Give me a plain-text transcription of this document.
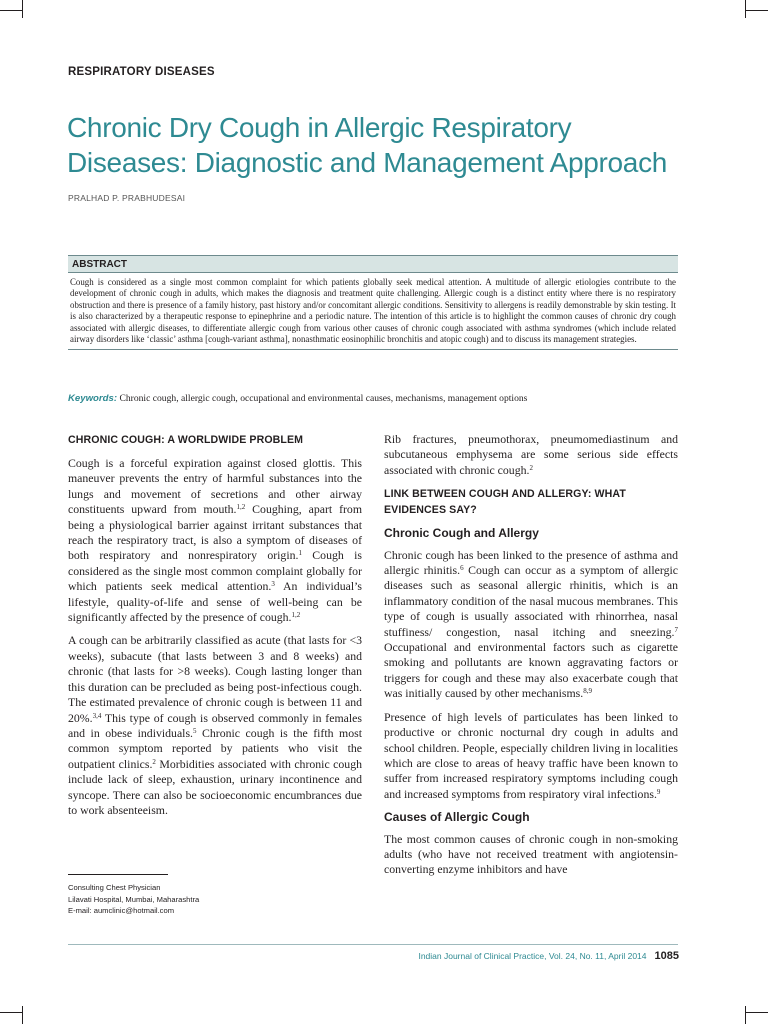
RESPIRATORY DISEASES
Chronic Dry Cough in Allergic Respiratory
Diseases: Diagnostic and Management Approach
PRALHAD P. PRABHUDESAI
ABSTRACT
Cough is considered as a single most common complaint for which patients globally seek medical attention. A multitude of allergic etiologies contribute to the development of chronic cough in adults, which makes the diagnosis and treatment quite challenging. Allergic cough is a distinct entity where there is no respiratory obstruction and there is presence of a family history, past history and/or concomitant allergic conditions. Sensitivity to allergens is readily demonstrable by skin testing. It is also characterized by a therapeutic response to epinephrine and a periodic nature. The intention of this article is to highlight the common causes of chronic dry cough associated with allergic diseases, to differentiate allergic cough from various other causes of chronic cough associated with asthma syndromes (which include related airway disorders like ‘classic’ asthma [cough-variant asthma], nonasthmatic eosinophilic bronchitis and atopic cough) and to discuss its management strategies.
Keywords: Chronic cough, allergic cough, occupational and environmental causes, mechanisms, management options
CHRONIC COUGH: A WORLDWIDE PROBLEM

Cough is a forceful expiration against closed glottis. This maneuver prevents the entry of harmful substances into the lungs and movement of secretions and other airway constituents upward from mouth.$^{1,2}$ Coughing, apart from being a physiological barrier against irritant substances that reach the respiratory tract, is also a symptom of diseases of both respiratory and nonrespiratory origin.$^1$ Cough is considered as the single most common complaint globally for which patients seek medical attention.$^3$ An individual’s lifestyle, quality-of-life and sense of well-being can be significantly affected by the presence of cough.$^{1,2}$

A cough can be arbitrarily classified as acute (that lasts for <3 weeks), subacute (that lasts between 3 and 8 weeks) and chronic (that lasts for >8 weeks). Cough lasting longer than this duration can be precluded as being post-infectious cough. The estimated prevalence of chronic cough is between 11 and 20%.$^{3,4}$ This type of cough is observed commonly in females and in obese individuals.$^5$ Chronic cough is the fifth most common symptom reported by patients who visit the outpatient clinics.$^2$ Morbidities associated with chronic cough include lack of sleep, exhaustion, urinary incontinence and syncope. There can also be socioeconomic encumbrances due to work absenteeism.

Rib fractures, pneumothorax, pneumomediastinum and subcutaneous emphysema are some serious side effects associated with chronic cough.$^2$

LINK BETWEEN COUGH AND ALLERGY: WHAT EVIDENCES SAY?
Chronic Cough and Allergy

Chronic cough has been linked to the presence of asthma and allergic rhinitis.$^6$ Cough can occur as a symptom of allergic diseases such as seasonal allergic rhinitis, which is an inflammatory condition of the nasal mucous membranes. This type of cough is usually associated with rhinorrhea, nasal stuffiness/ congestion, nasal itching and sneezing.$^7$ Occupational and environmental factors such as cigarette smoking and pollutants are known aggravating factors or triggers for cough and these may also exacerbate cough that was initially caused by other mechanisms.$^{8,9}$

Presence of high levels of particulates has been linked to productive or chronic nocturnal dry cough in adults and school children. People, especially children living in localities which are close to areas of heavy traffic have been known to suffer from increased respiratory symptoms including cough and increased symptoms from respiratory viral infections.$^9$

Causes of Allergic Cough

The most common causes of chronic cough in non-smoking adults (who have not received treatment with angiotensin-converting enzyme inhibitors and have

Consulting Chest Physician
Lilavati Hospital, Mumbai, Maharashtra
E-mail: aumclinic@hotmail.com
Indian Journal of Clinical Practice, Vol. 24, No. 11, April 2014 1085
